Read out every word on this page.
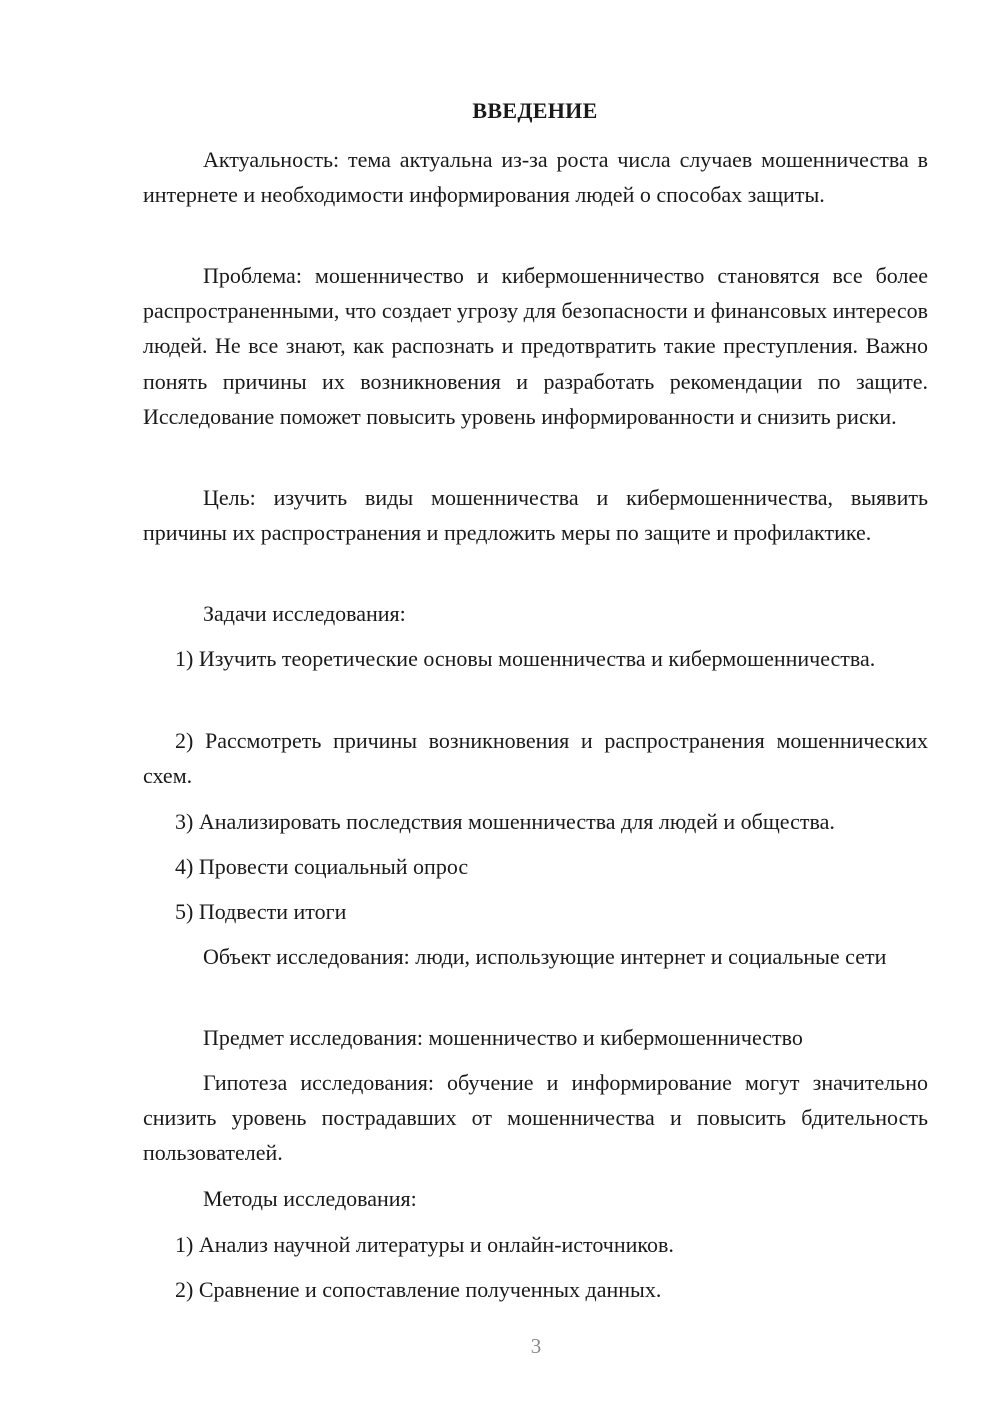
ВВЕДЕНИЕ

Актуальность: тема актуальна из-за роста числа случаев мошенничества в интернете и необходимости информирования людей о способах защиты.

Проблема: мошенничество и кибермошенничество становятся все более распространенными, что создает угрозу для безопасности и финансовых интересов людей. Не все знают, как распознать и предотвратить такие преступления. Важно понять причины их возникновения и разработать рекомендации по защите. Исследование поможет повысить уровень информированности и снизить риски.

Цель: изучить виды мошенничества и кибермошенничества, выявить причины их распространения и предложить меры по защите и профилактике.

Задачи исследования:

1) Изучить теоретические основы мошенничества и кибермошенничества.

2) Рассмотреть причины возникновения и распространения мошеннических схем.

3) Анализировать последствия мошенничества для людей и общества.

4) Провести социальный опрос

5) Подвести итоги

Объект исследования: люди, использующие интернет и социальные сети

Предмет исследования: мошенничество и кибермошенничество

Гипотеза исследования: обучение и информирование могут значительно снизить уровень пострадавших от мошенничества и повысить бдительность пользователей.

Методы исследования:

1) Анализ научной литературы и онлайн-источников.

2) Сравнение и сопоставление полученных данных.

3
